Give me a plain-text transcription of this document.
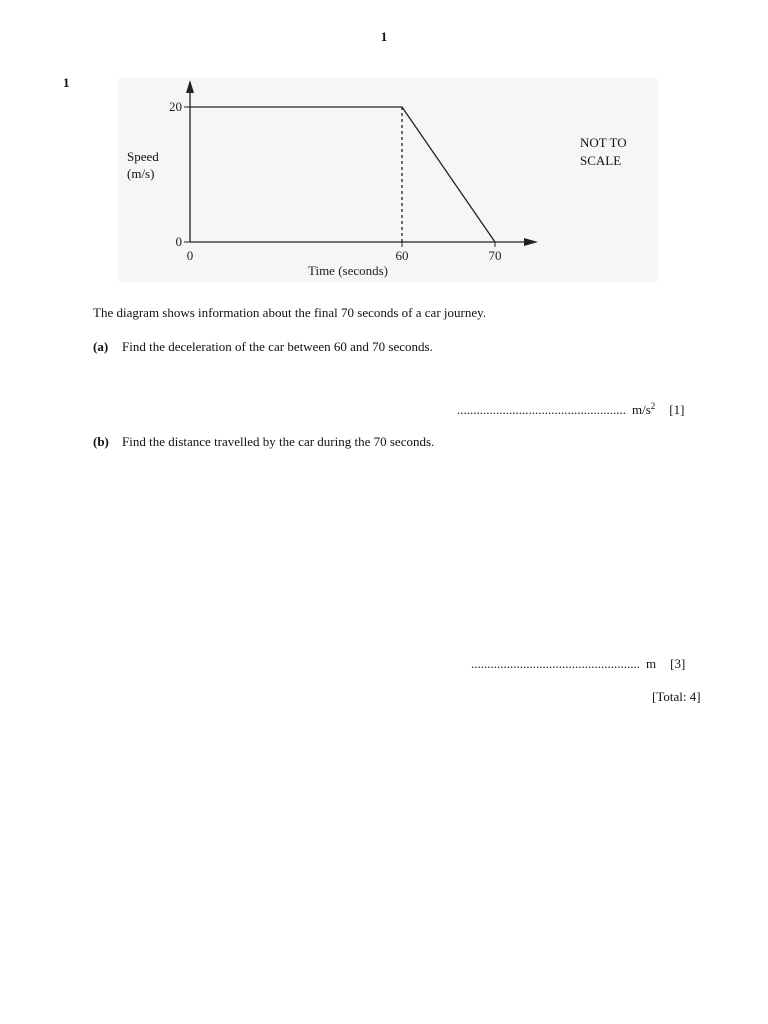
1
1
20
0
0	60	70
Time (seconds)
Speed
(m/s)
NOT TO
SCALE
The diagram shows information about the final 70 seconds of a car journey.
(a) Find the deceleration of the car between 60 and 70 seconds.
.................................................... $m/s^2$ [1]
(b) Find the distance travelled by the car during the 70 seconds.
.................................................... m [3]
[Total: 4]
